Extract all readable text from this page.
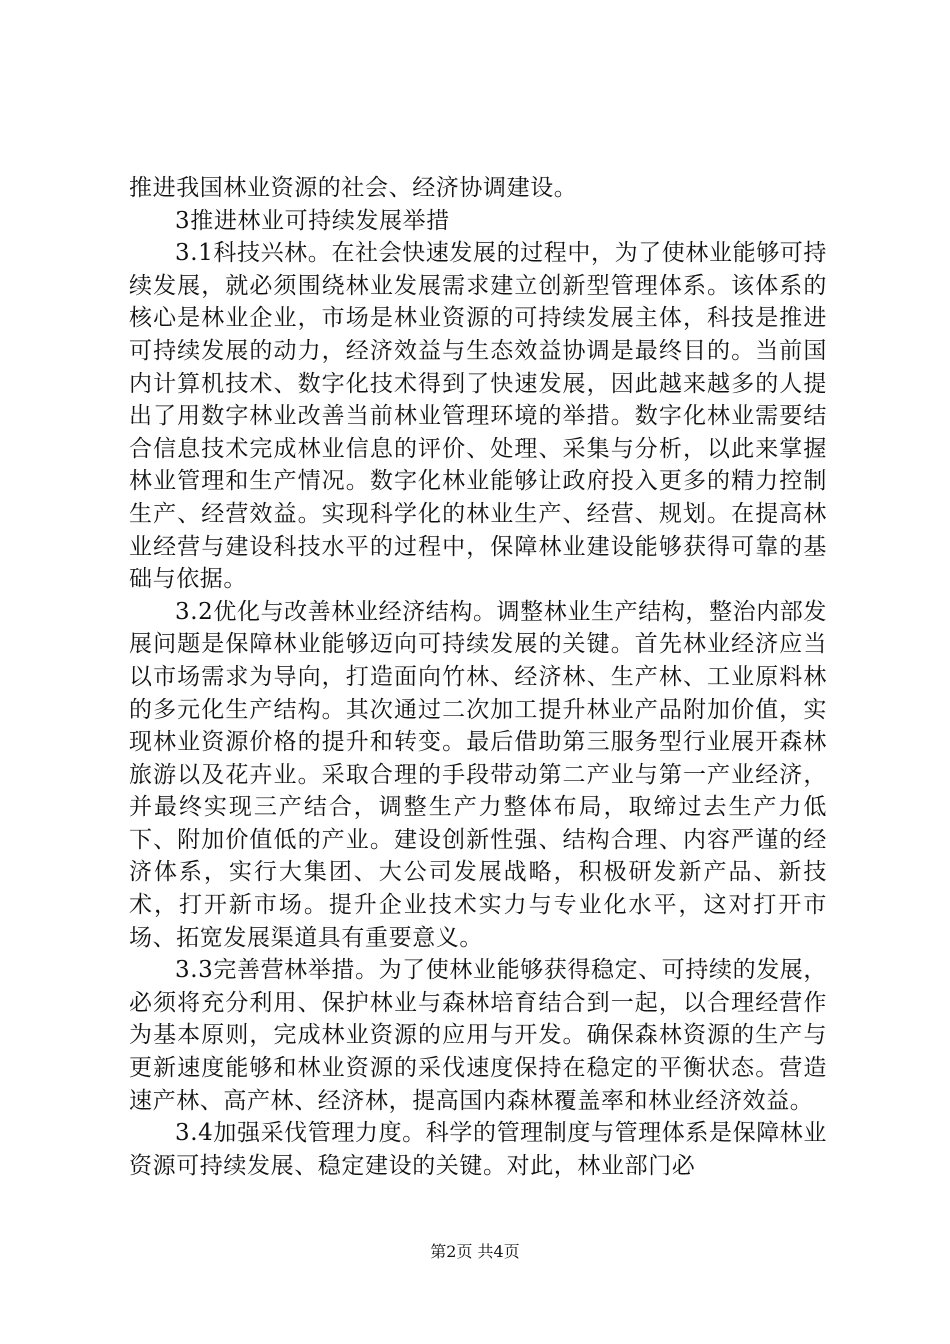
推进我国林业资源的社会、经济协调建设。

3推进林业可持续发展举措

3.1科技兴林。在社会快速发展的过程中，为了使林业能够可持续发展，就必须围绕林业发展需求建立创新型管理体系。该体系的核心是林业企业，市场是林业资源的可持续发展主体，科技是推进可持续发展的动力，经济效益与生态效益协调是最终目的。当前国内计算机技术、数字化技术得到了快速发展，因此越来越多的人提出了用数字林业改善当前林业管理环境的举措。数字化林业需要结合信息技术完成林业信息的评价、处理、采集与分析，以此来掌握林业管理和生产情况。数字化林业能够让政府投入更多的精力控制生产、经营效益。实现科学化的林业生产、经营、规划。在提高林业经营与建设科技水平的过程中，保障林业建设能够获得可靠的基础与依据。

3.2优化与改善林业经济结构。调整林业生产结构，整治内部发展问题是保障林业能够迈向可持续发展的关键。首先林业经济应当以市场需求为导向，打造面向竹林、经济林、生产林、工业原料林的多元化生产结构。其次通过二次加工提升林业产品附加价值，实现林业资源价格的提升和转变。最后借助第三服务型行业展开森林旅游以及花卉业。采取合理的手段带动第二产业与第一产业经济，并最终实现三产结合，调整生产力整体布局，取缔过去生产力低下、附加价值低的产业。建设创新性强、结构合理、内容严谨的经济体系，实行大集团、大公司发展战略，积极研发新产品、新技术，打开新市场。提升企业技术实力与专业化水平，这对打开市场、拓宽发展渠道具有重要意义。

3.3完善营林举措。为了使林业能够获得稳定、可持续的发展，必须将充分利用、保护林业与森林培育结合到一起，以合理经营作为基本原则，完成林业资源的应用与开发。确保森林资源的生产与更新速度能够和林业资源的采伐速度保持在稳定的平衡状态。营造速产林、高产林、经济林，提高国内森林覆盖率和林业经济效益。

3.4加强采伐管理力度。科学的管理制度与管理体系是保障林业资源可持续发展、稳定建设的关键。对此，林业部门必

第2页 共4页
